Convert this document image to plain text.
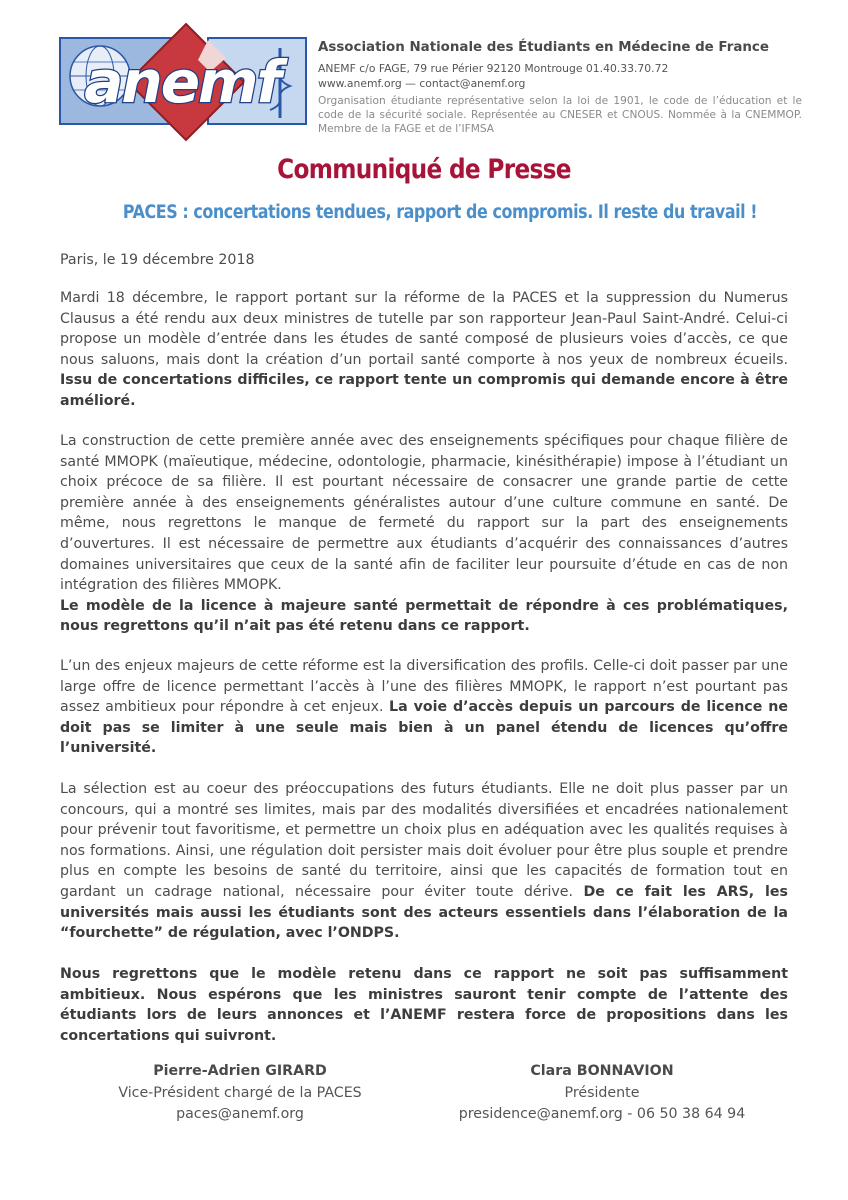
anemf
Association Nationale des Étudiants en Médecine de France
ANEMF c/o FAGE, 79 rue Périer 92120 Montrouge 01.40.33.70.72
www.anemf.org — contact@anemf.org
Organisation étudiante représentative selon la loi de 1901, le code de l’éducation et le code de la sécurité sociale. Représentée au CNESER et CNOUS. Nommée à la CNEMMOP. Membre de la FAGE et de l’IFMSA
Communiqué de Presse
PACES : concertations tendues, rapport de compromis. Il reste du travail !
Paris, le 19 décembre 2018
Mardi 18 décembre, le rapport portant sur la réforme de la PACES et la suppression du Numerus Clausus a été rendu aux deux ministres de tutelle par son rapporteur Jean-Paul Saint-André. Celui-ci propose un modèle d’entrée dans les études de santé composé de plusieurs voies d’accès, ce que nous saluons, mais dont la création d’un portail santé comporte à nos yeux de nombreux écueils. Issu de concertations difficiles, ce rapport tente un compromis qui demande encore à être amélioré.
La construction de cette première année avec des enseignements spécifiques pour chaque filière de santé MMOPK (maïeutique, médecine, odontologie, pharmacie, kinésithérapie) impose à l’étudiant un choix précoce de sa filière. Il est pourtant nécessaire de consacrer une grande partie de cette première année à des enseignements généralistes autour d’une culture commune en santé. De même, nous regrettons le manque de fermeté du rapport sur la part des enseignements d’ouvertures. Il est nécessaire de permettre aux étudiants d’acquérir des connaissances d’autres domaines universitaires que ceux de la santé afin de faciliter leur poursuite d’étude en cas de non intégration des filières MMOPK.
Le modèle de la licence à majeure santé permettait de répondre à ces problématiques, nous regrettons qu’il n’ait pas été retenu dans ce rapport.
L’un des enjeux majeurs de cette réforme est la diversification des profils. Celle-ci doit passer par une large offre de licence permettant l’accès à l’une des filières MMOPK, le rapport n’est pourtant pas assez ambitieux pour répondre à cet enjeux. La voie d’accès depuis un parcours de licence ne doit pas se limiter à une seule mais bien à un panel étendu de licences qu’offre l’université.
La sélection est au coeur des préoccupations des futurs étudiants. Elle ne doit plus passer par un concours, qui a montré ses limites, mais par des modalités diversifiées et encadrées nationalement pour prévenir tout favoritisme, et permettre un choix plus en adéquation avec les qualités requises à nos formations. Ainsi, une régulation doit persister mais doit évoluer pour être plus souple et prendre plus en compte les besoins de santé du territoire, ainsi que les capacités de formation tout en gardant un cadrage national, nécessaire pour éviter toute dérive. De ce fait les ARS, les universités mais aussi les étudiants sont des acteurs essentiels dans l’élaboration de la “fourchette” de régulation, avec l’ONDPS.
Nous regrettons que le modèle retenu dans ce rapport ne soit pas suffisamment ambitieux. Nous espérons que les ministres sauront tenir compte de l’attente des étudiants lors de leurs annonces et l’ANEMF restera force de propositions dans les concertations qui suivront.
Pierre-Adrien GIRARD
Vice-Président chargé de la PACES
paces@anemf.org
Clara BONNAVION
Présidente
presidence@anemf.org - 06 50 38 64 94
